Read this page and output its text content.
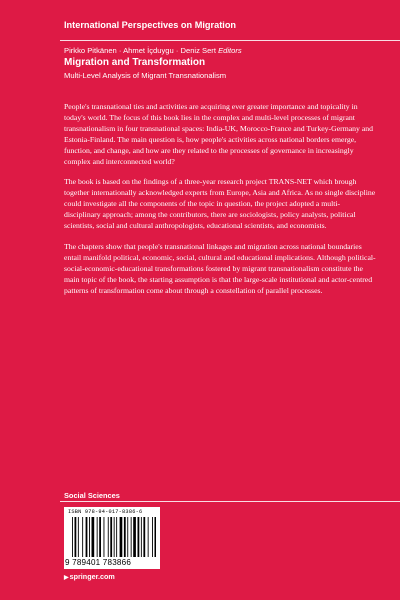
International Perspectives on Migration
Pirkko Pitkänen · Ahmet İçduygu · Deniz Sert Editors
Migration and Transformation
Multi-Level Analysis of Migrant Transnationalism

People's transnational ties and activities are acquiring ever greater importance and topicality in today's world. The focus of this book lies in the complex and multi-level processes of migrant transnationalism in four transnational spaces: India-UK, Morocco-France and Turkey-Germany and Estonia-Finland. The main question is, how people's activities across national borders emerge, function, and change, and how are they related to the processes of governance in increasingly complex and interconnected world?

The book is based on the findings of a three-year research project TRANS-NET which brough together internationally acknowledged experts from Europe, Asia and Africa. As no single discipline could investigate all the components of the topic in question, the project adopted a multi-disciplinary approach; among the contributors, there are sociologists, policy analysts, political scientists, social and cultural anthropologists, educational scientists, and economists.

The chapters show that people's transnational linkages and migration across national boundaries entail manifold political, economic, social, cultural and educational implications. Although political-social-economic-educational transformations fostered by migrant transnationalism constitute the main topic of the book, the starting assumption is that the large-scale institutional and actor-centred patterns of transformation come about through a constellation of parallel processes.

Social Sciences
ISBN 978-94-017-8386-6
9 789401 783866
▶springer.com
